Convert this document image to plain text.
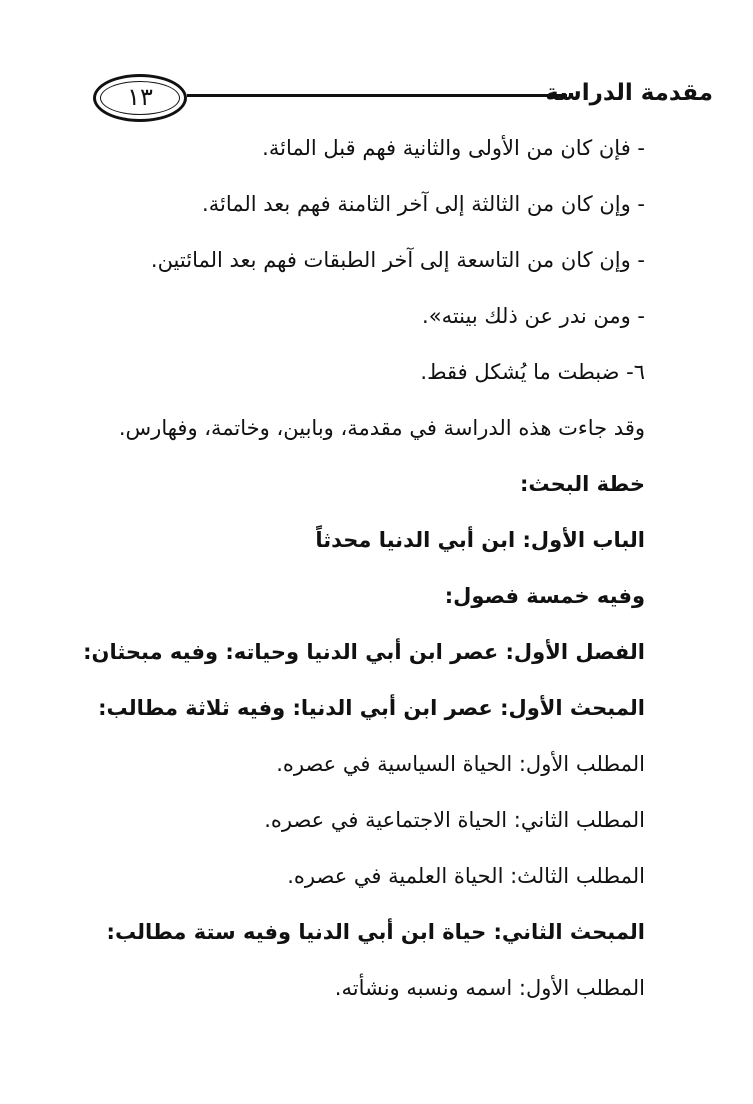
١٣	مقدمة الدراسة
- فإن كان من الأولى والثانية فهم قبل المائة.
- وإن كان من الثالثة إلى آخر الثامنة فهم بعد المائة.
- وإن كان من التاسعة إلى آخر الطبقات فهم بعد المائتين.
- ومن ندر عن ذلك بينته».
٦- ضبطت ما يُشكل فقط.
وقد جاءت هذه الدراسة في مقدمة، وبابين، وخاتمة، وفهارس.
خطة البحث:
الباب الأول: ابن أبي الدنيا محدثاً
وفيه خمسة فصول:
الفصل الأول: عصر ابن أبي الدنيا وحياته: وفيه مبحثان:
المبحث الأول: عصر ابن أبي الدنيا: وفيه ثلاثة مطالب:
المطلب الأول: الحياة السياسية في عصره.
المطلب الثاني: الحياة الاجتماعية في عصره.
المطلب الثالث: الحياة العلمية في عصره.
المبحث الثاني: حياة ابن أبي الدنيا وفيه ستة مطالب:
المطلب الأول: اسمه ونسبه ونشأته.
